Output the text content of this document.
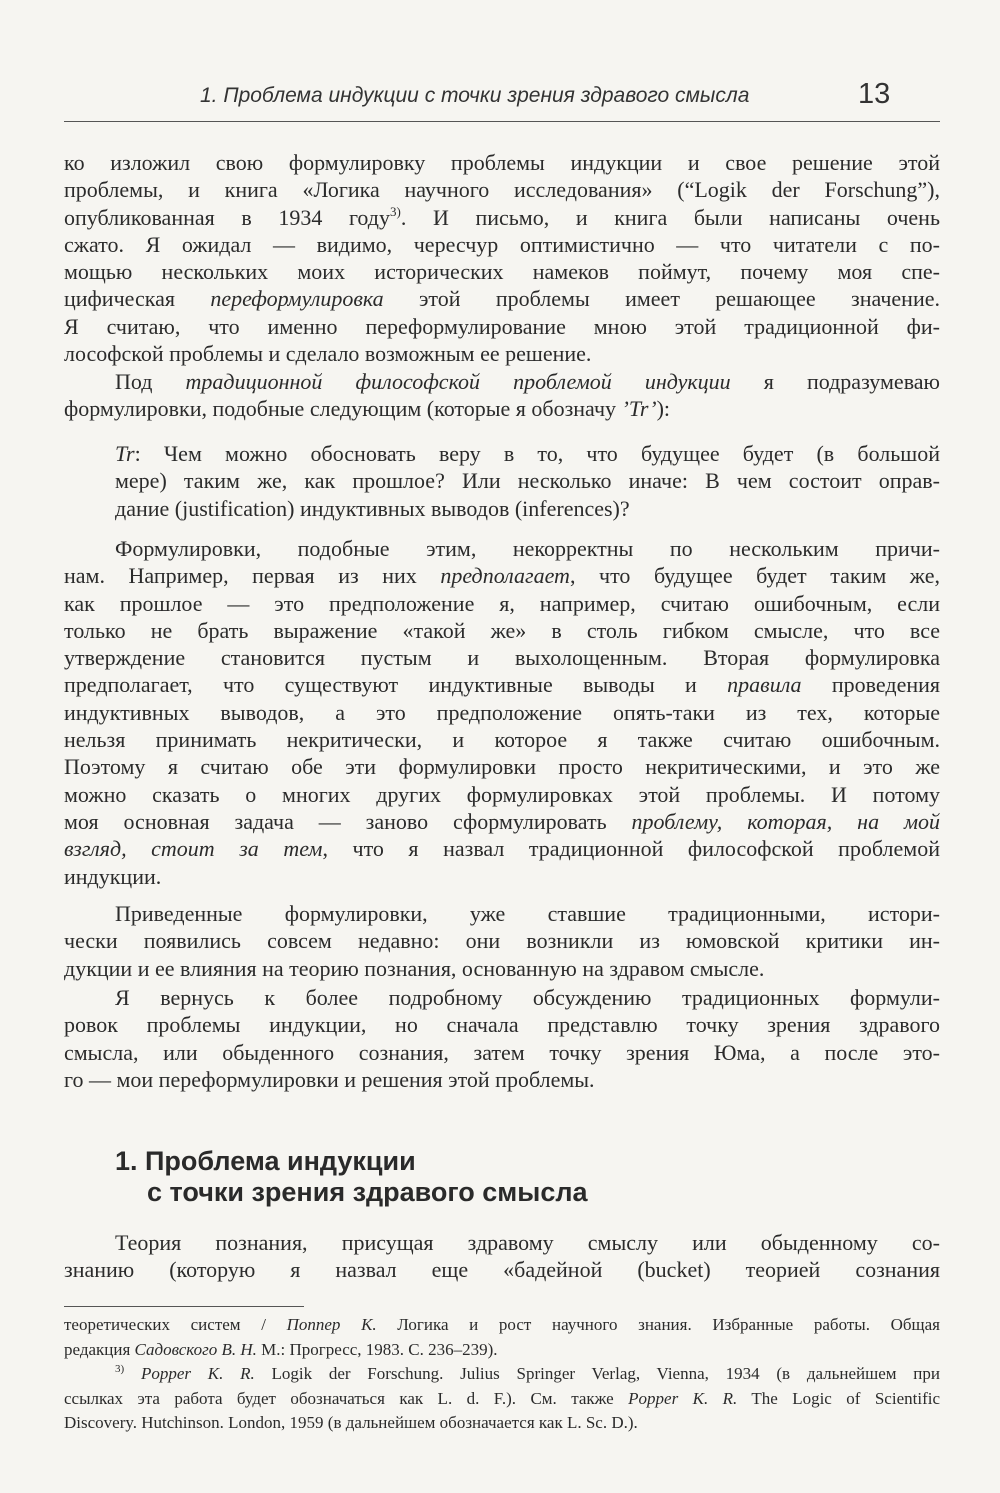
1. Проблема индукции с точки зрения здравого смысла	13
ко изложил свою формулировку проблемы индукции и свое решение этой
проблемы, и книга «Логика научного исследования» (“Logik der Forschung”),
опубликованная в 1934 году$^{3)}$. И письмо, и книга были написаны очень
сжато. Я ожидал — видимо, чересчур оптимистично — что читатели с по-
мощью нескольких моих исторических намеков поймут, почему моя спе-
цифическая переформулировка этой проблемы имеет решающее значение.
Я считаю, что именно переформулирование мною этой традиционной фи-
лософской проблемы и сделало возможным ее решение.
Под традиционной философской проблемой индукции я подразумеваю
формулировки, подобные следующим (которые я обозначу ’Tr’):
Tr: Чем можно обосновать веру в то, что будущее будет (в большой
мере) таким же, как прошлое? Или несколько иначе: В чем состоит оправ-
дание (justification) индуктивных выводов (inferences)?
Формулировки, подобные этим, некорректны по нескольким причи-
нам. Например, первая из них предполагает, что будущее будет таким же,
как прошлое — это предположение я, например, считаю ошибочным, если
только не брать выражение «такой же» в столь гибком смысле, что все
утверждение становится пустым и выхолощенным. Вторая формулировка
предполагает, что существуют индуктивные выводы и правила проведения
индуктивных выводов, а это предположение опять-таки из тех, которые
нельзя принимать некритически, и которое я также считаю ошибочным.
Поэтому я считаю обе эти формулировки просто некритическими, и это же
можно сказать о многих других формулировках этой проблемы. И потому
моя основная задача — заново сформулировать проблему, которая, на мой
взгляд, стоит за тем, что я назвал традиционной философской проблемой
индукции.
Приведенные формулировки, уже ставшие традиционными, истори-
чески появились совсем недавно: они возникли из юмовской критики ин-
дукции и ее влияния на теорию познания, основанную на здравом смысле.
Я вернусь к более подробному обсуждению традиционных формули-
ровок проблемы индукции, но сначала представлю точку зрения здравого
смысла, или обыденного сознания, затем точку зрения Юма, а после это-
го — мои переформулировки и решения этой проблемы.
Теория познания, присущая здравому смыслу или обыденному со-
знанию (которую я назвал еще «бадейной (bucket) теорией сознания
1. Проблема индукции
с точки зрения здравого смысла
теоретических систем / Поппер К. Логика и рост научного знания. Избранные работы. Общая
редакция Садовского В. Н. М.: Прогресс, 1983. С. 236–239).
$^{3)}$ Popper K. R. Logik der Forschung. Julius Springer Verlag, Vienna, 1934 (в дальнейшем при
ссылках эта работа будет обозначаться как L. d. F.). См. также Popper K. R. The Logic of Scientific
Discovery. Hutchinson. London, 1959 (в дальнейшем обозначается как L. Sc. D.).
